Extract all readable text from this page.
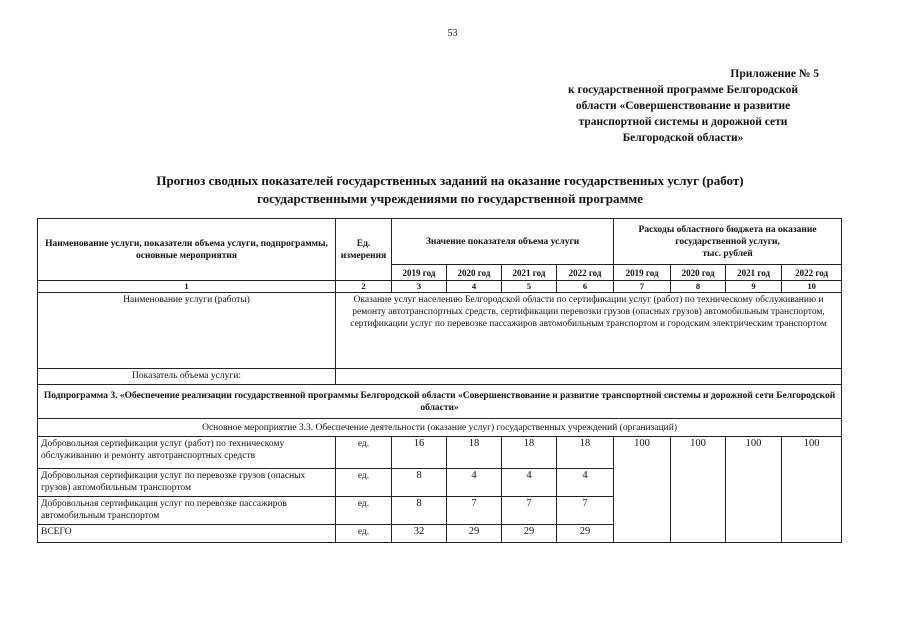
53
Приложение № 5
к государственной программе Белгородской
области «Совершенствование и развитие
транспортной системы и дорожной сети
Белгородской области»
Прогноз сводных показателей государственных заданий на оказание государственных услуг (работ)
государственными учреждениями по государственной программе
Наименование услуги, показатели объема услуги, подпрограммы, основные мероприятия	Ед. измерения	Значение показателя объема услуги				Расходы областного бюджета на оказание
государственной услуги,
тыс. рублей			

		2019 год	2020 год	2021 год	2022 год	2019 год	2020 год	2021 год	2022 год
1	2	3	4	5	6	7	8	9	10
Наименование услуги (работы)	Оказание услуг населению Белгородской области по сертификации услуг (работ) по техническому обслуживанию и ремонту автотранспортных средств, сертификации перевозки грузов (опасных грузов) автомобильным транспортом, сертификации услуг по перевозке пассажиров автомобильным транспортом и городским электрическим транспортом								
Показатель объема услуги:									
Подпрограмма 3. «Обеспечение реализации государственной программы Белгородской области «Совершенствование и развитие транспортной системы и дорожной сети Белгородской области»									
Основное мероприятие 3.3. Обеспечение деятельности (оказание услуг) государственных учреждений (организаций)									
Добровольная сертификация услуг (работ) по техническому обслуживанию и ремонту автотранспортных средств	ед.	16	18	18	18	100	100	100	100
Добровольная сертификация услуг по перевозке грузов (опасных грузов) автомобильным транспортом	ед.	8	4	4	4				
Добровольная сертификация услуг по перевозке пассажиров автомобильным транспортом	ед.	8	7	7	7				
ВСЕГО	ед.	32	29	29	29				
